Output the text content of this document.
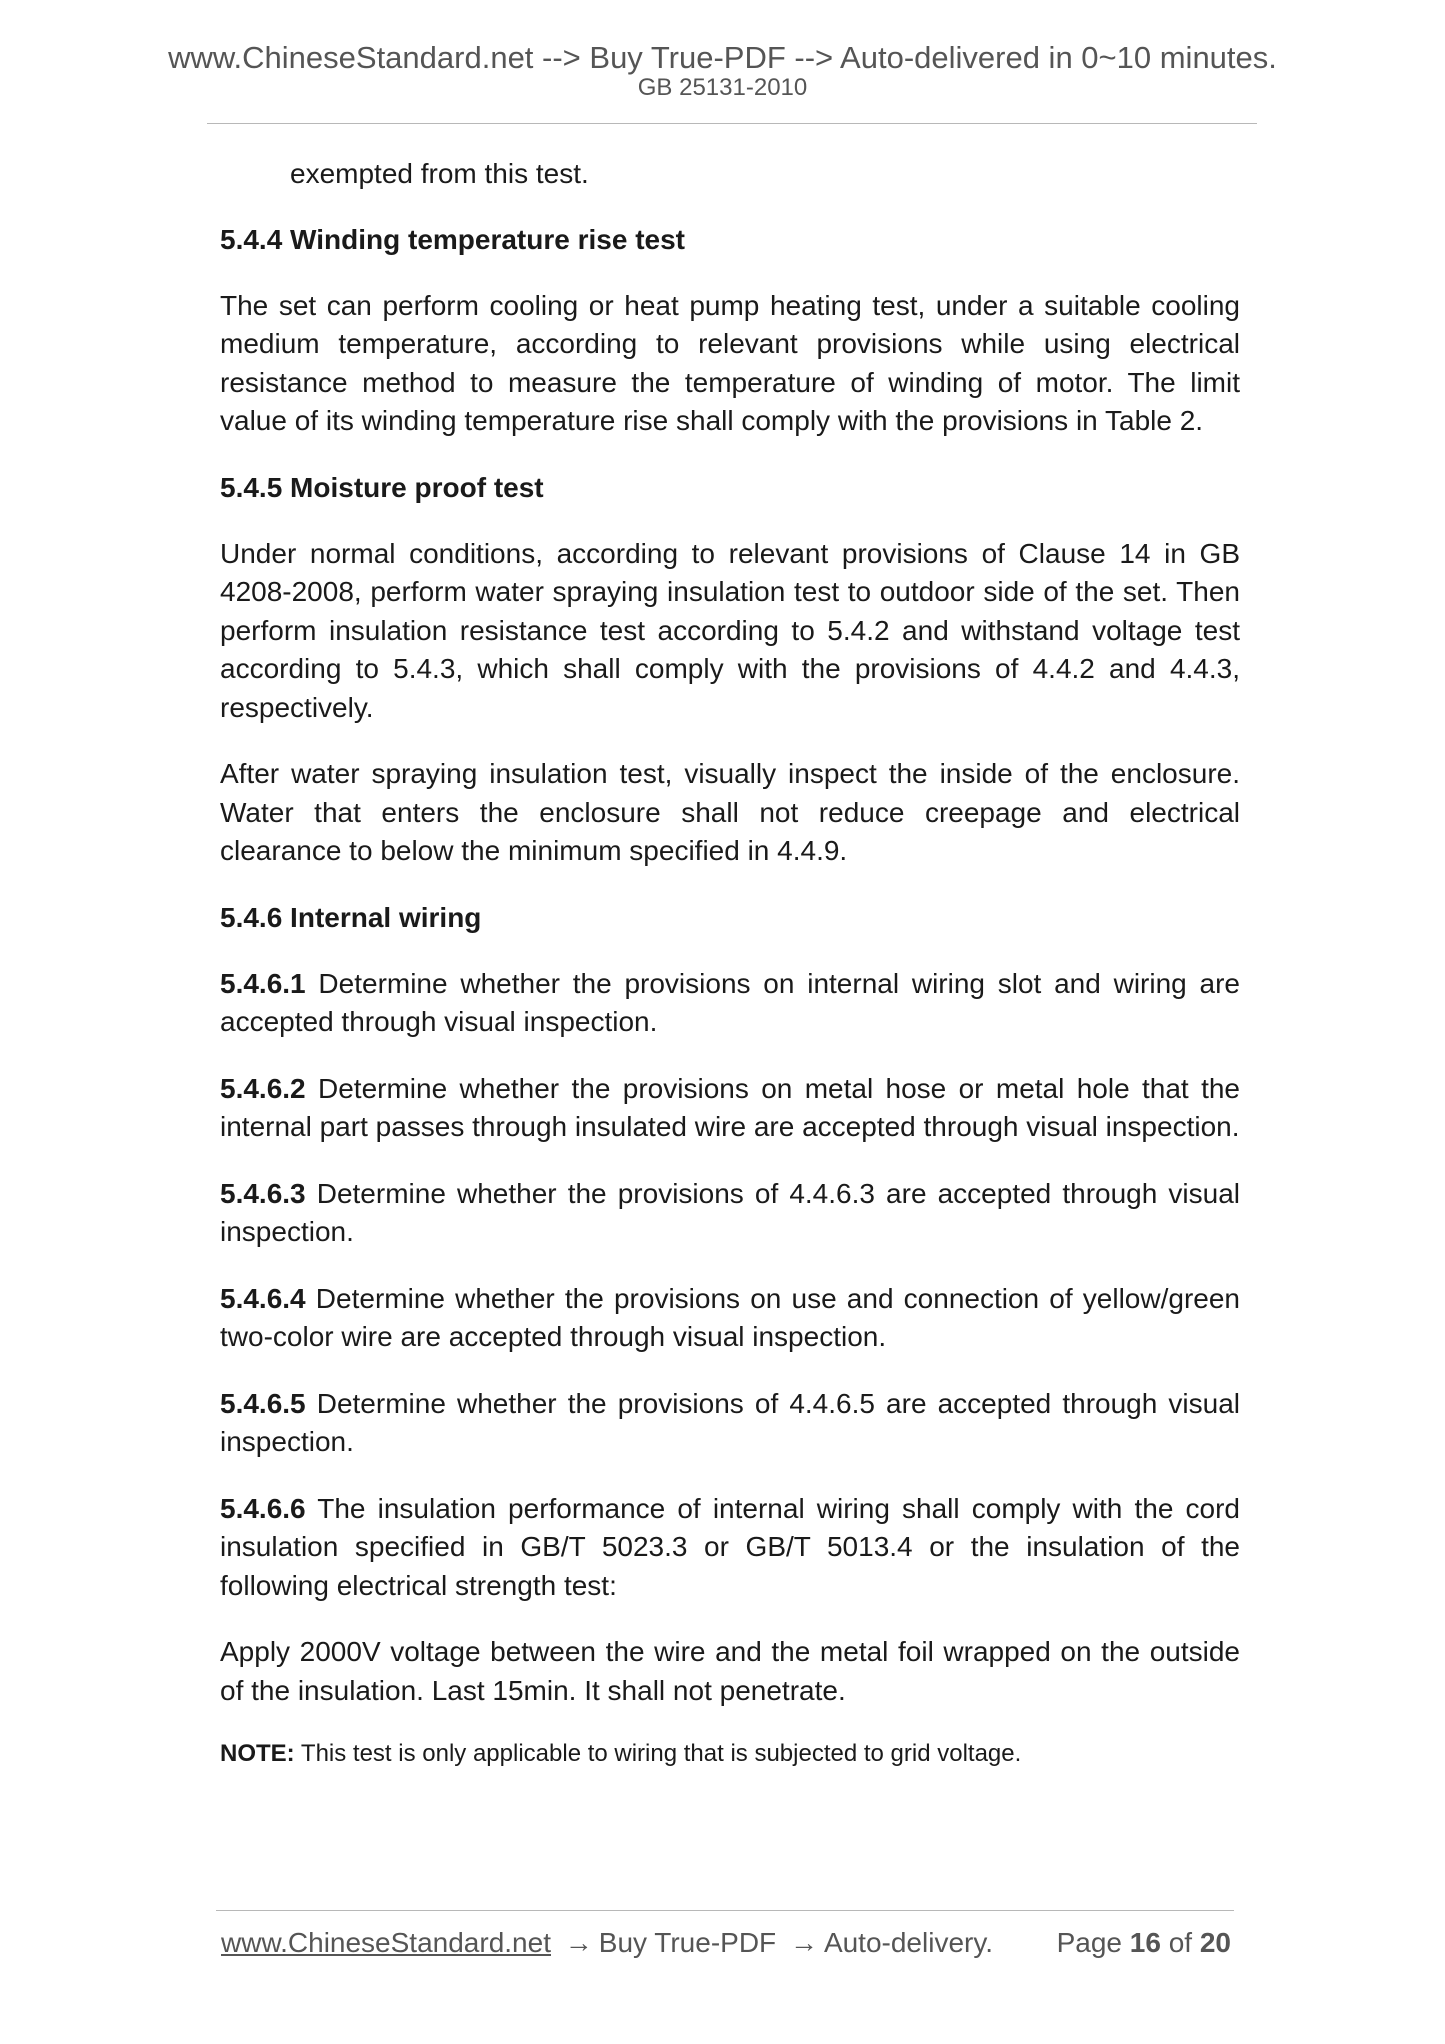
www.ChineseStandard.net --> Buy True-PDF --> Auto-delivered in 0~10 minutes.
GB 25131-2010

exempted from this test.

5.4.4 Winding temperature rise test

The set can perform cooling or heat pump heating test, under a suitable cooling medium temperature, according to relevant provisions while using electrical resistance method to measure the temperature of winding of motor. The limit value of its winding temperature rise shall comply with the provisions in Table 2.

5.4.5 Moisture proof test

Under normal conditions, according to relevant provisions of Clause 14 in GB 4208-2008, perform water spraying insulation test to outdoor side of the set. Then perform insulation resistance test according to 5.4.2 and withstand voltage test according to 5.4.3, which shall comply with the provisions of 4.4.2 and 4.4.3, respectively.

After water spraying insulation test, visually inspect the inside of the enclosure. Water that enters the enclosure shall not reduce creepage and electrical clearance to below the minimum specified in 4.4.9.

5.4.6 Internal wiring

5.4.6.1 Determine whether the provisions on internal wiring slot and wiring are accepted through visual inspection.

5.4.6.2 Determine whether the provisions on metal hose or metal hole that the internal part passes through insulated wire are accepted through visual inspection.

5.4.6.3 Determine whether the provisions of 4.4.6.3 are accepted through visual inspection.

5.4.6.4 Determine whether the provisions on use and connection of yellow/green two-color wire are accepted through visual inspection.

5.4.6.5 Determine whether the provisions of 4.4.6.5 are accepted through visual inspection.

5.4.6.6 The insulation performance of internal wiring shall comply with the cord insulation specified in GB/T 5023.3 or GB/T 5013.4 or the insulation of the following electrical strength test:

Apply 2000V voltage between the wire and the metal foil wrapped on the outside of the insulation. Last 15min. It shall not penetrate.

NOTE: This test is only applicable to wiring that is subjected to grid voltage.

www.ChineseStandard.net → Buy True-PDF → Auto-delivery. Page 16 of 20
